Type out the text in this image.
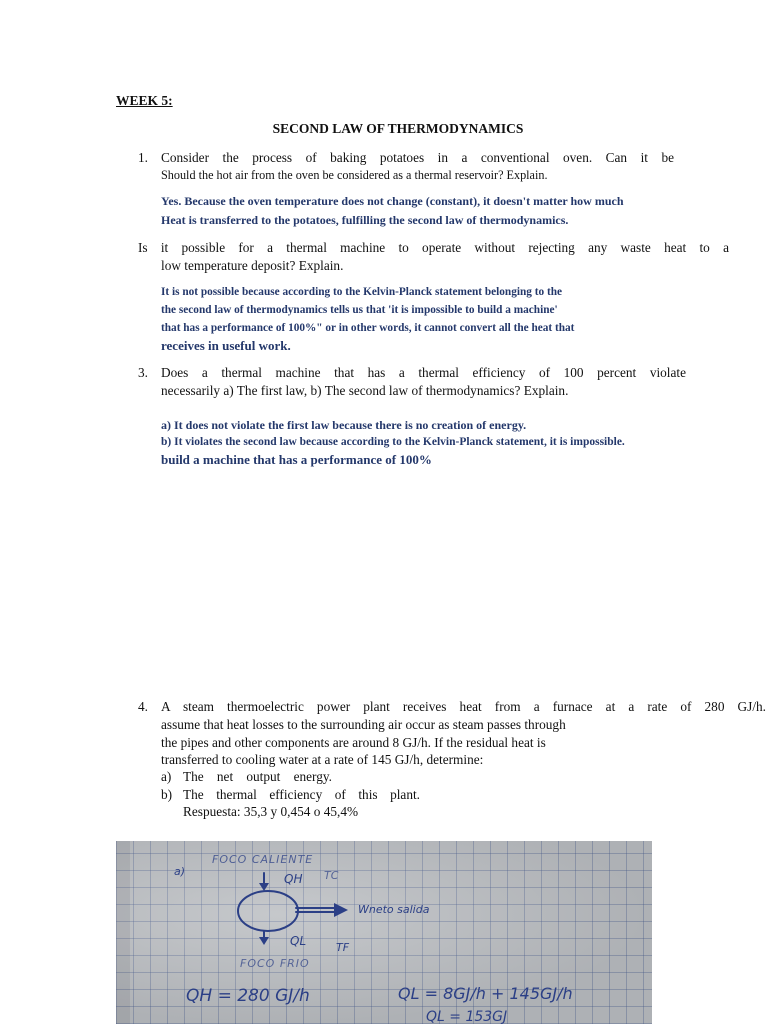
WEEK 5:
SECOND LAW OF THERMODYNAMICS
1. Consider the process of baking potatoes in a conventional oven. Can it be
Should the hot air from the oven be considered as a thermal reservoir? Explain.
Yes. Because the oven temperature does not change (constant), it doesn't matter how much
Heat is transferred to the potatoes, fulfilling the second law of thermodynamics.
Is it possible for a thermal machine to operate without rejecting any waste heat to a
low temperature deposit? Explain.
It is not possible because according to the Kelvin-Planck statement belonging to the
the second law of thermodynamics tells us that 'it is impossible to build a machine'
that has a performance of 100%" or in other words, it cannot convert all the heat that
receives in useful work.
3. Does a thermal machine that has a thermal efficiency of 100 percent violate
necessarily a) The first law, b) The second law of thermodynamics? Explain.
a) It does not violate the first law because there is no creation of energy.
b) It violates the second law because according to the Kelvin-Planck statement, it is impossible.
build a machine that has a performance of 100%
4. A steam thermoelectric power plant receives heat from a furnace at a rate of 280 GJ/h.
assume that heat losses to the surrounding air occur as steam passes through
the pipes and other components are around 8 GJ/h. If the residual heat is
transferred to cooling water at a rate of 145 GJ/h, determine:
a) The net output energy.
b) The thermal efficiency of this plant.
Respuesta: 35,3 y 0,454 o 45,4%
a)
FOCO CALIENTE
QH TC
Wneto salida
QL	TF
FOCO FRIO
QH = 280 GJ/h	QL = 8GJ/h + 145GJ/h
QL = 153GJ
